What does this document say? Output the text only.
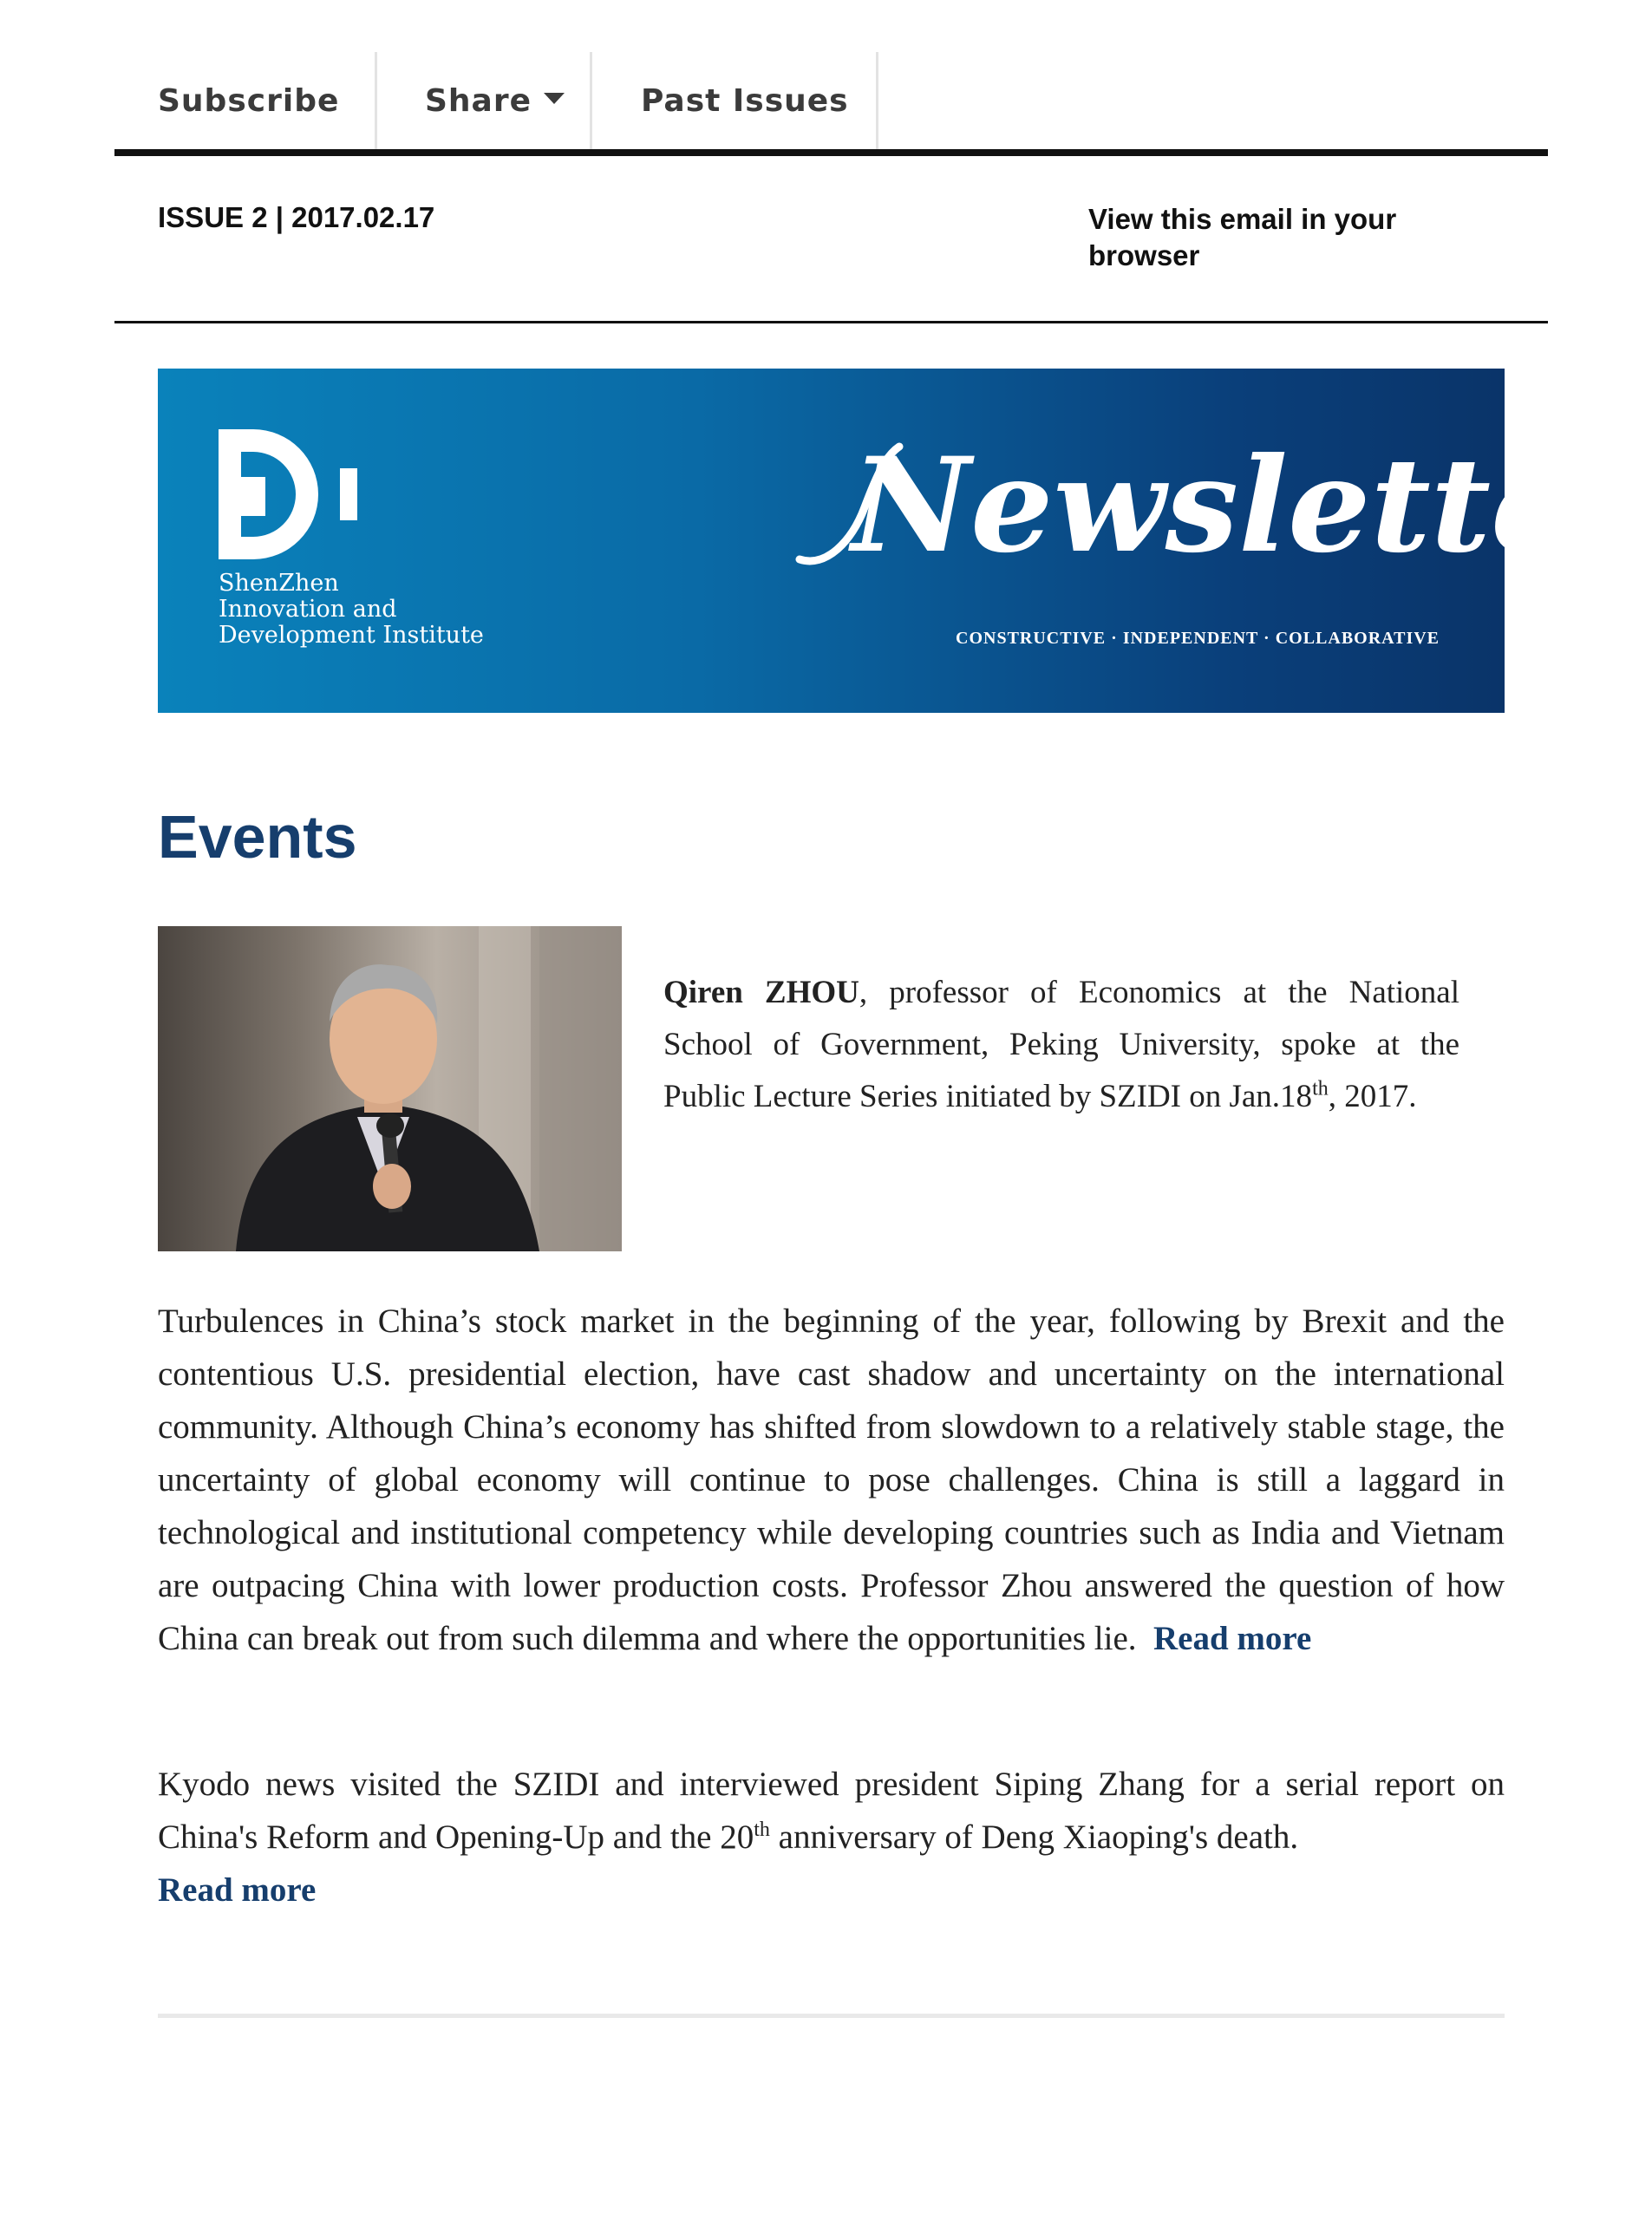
Subscribe	Share	Past Issues
ISSUE 2 | 2017.02.17	View this email in your browser
ShenZhen
Innovation and
Development Institute
Newsletter
CONSTRUCTIVE · INDEPENDENT · COLLABORATIVE
Events
Qiren ZHOU, professor of Economics at the National School of Government, Peking University, spoke at the Public Lecture Series initiated by SZIDI on Jan.18th, 2017.

Turbulences in China’s stock market in the beginning of the year, following by Brexit and the contentious U.S. presidential election, have cast shadow and uncertainty on the international community. Although China’s economy has shifted from slowdown to a relatively stable stage, the uncertainty of global economy will continue to pose challenges. China is still a laggard in technological and institutional competency while developing countries such as India and Vietnam are outpacing China with lower production costs. Professor Zhou answered the question of how China can break out from such dilemma and where the opportunities lie. Read more

Kyodo news visited the SZIDI and interviewed president Siping Zhang for a serial report on China's Reform and Opening-Up and the 20th anniversary of Deng Xiaoping's death.
Read more
